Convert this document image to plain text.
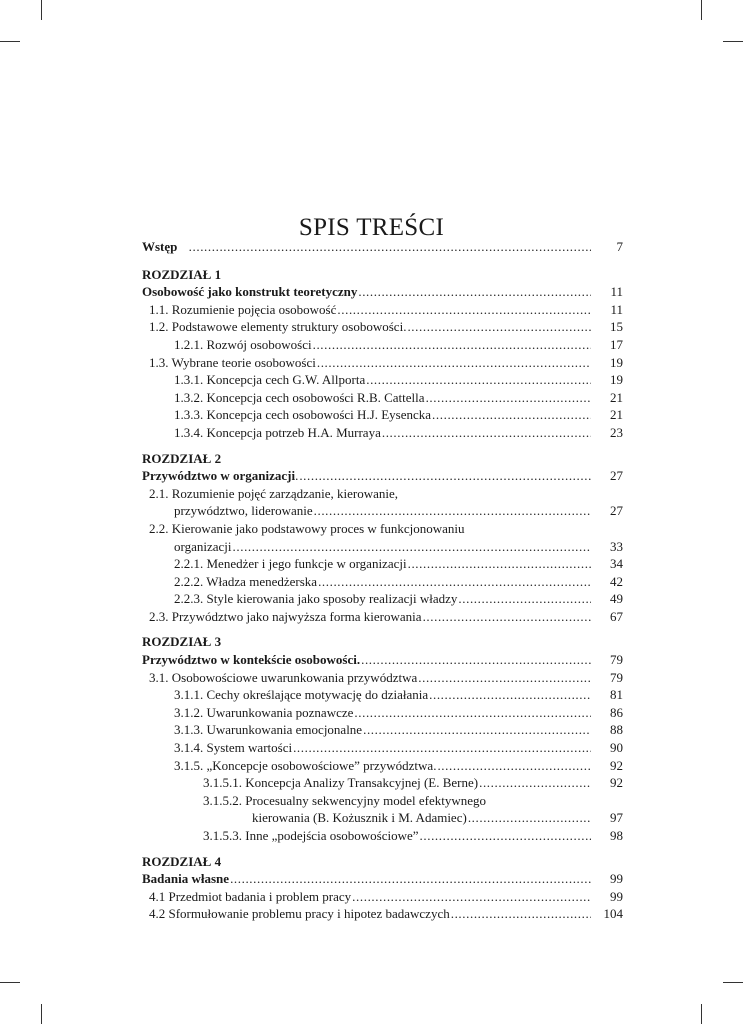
SPIS TREŚCI
Wstęp .....	7
ROZDZIAŁ 1
Osobowość jako konstrukt teoretyczny .....	11
1.1. Rozumienie pojęcia osobowość .....	11
1.2. Podstawowe elementy struktury osobowości. .....	15
1.2.1. Rozwój osobowości .....	17
1.3. Wybrane teorie osobowości .....	19
1.3.1. Koncepcja cech G.W. Allporta .....	19
1.3.2. Koncepcja cech osobowości R.B. Cattella .....	21
1.3.3. Koncepcja cech osobowości H.J. Eysencka .....	21
1.3.4. Koncepcja potrzeb H.A. Murraya .....	23
ROZDZIAŁ 2
Przywództwo w organizacji . .....	27
2.1. Rozumienie pojęć zarządzanie, kierowanie,
przywództwo, liderowanie .....	27
2.2. Kierowanie jako podstawowy proces w funkcjonowaniu
organizacji .....	33
2.2.1. Menedżer i jego funkcje w organizacji .....	34
2.2.2. Władza menedżerska .....	42
2.2.3. Style kierowania jako sposoby realizacji władzy .....	49
2.3. Przywództwo jako najwyższa forma kierowania .....	67
ROZDZIAŁ 3
Przywództwo w kontekście osobowości. .....	79
3.1. Osobowościowe uwarunkowania przywództwa .....	79
3.1.1. Cechy określające motywację do działania .....	81
3.1.2. Uwarunkowania poznawcze .....	86
3.1.3. Uwarunkowania emocjonalne .....	88
3.1.4. System wartości .....	90
3.1.5. „Koncepcje osobowościowe” przywództwa. .....	92
3.1.5.1. Koncepcja Analizy Transakcyjnej (E. Berne) .....	92
3.1.5.2. Procesualny sekwencyjny model efektywnego
kierowania (B. Kożusznik i M. Adamiec) .....	97
3.1.5.3. Inne „podejścia osobowościowe” .....	98
ROZDZIAŁ 4
Badania własne .....	99
4.1 Przedmiot badania i problem pracy .....	99
4.2 Sformułowanie problemu pracy i hipotez badawczych .....	104
